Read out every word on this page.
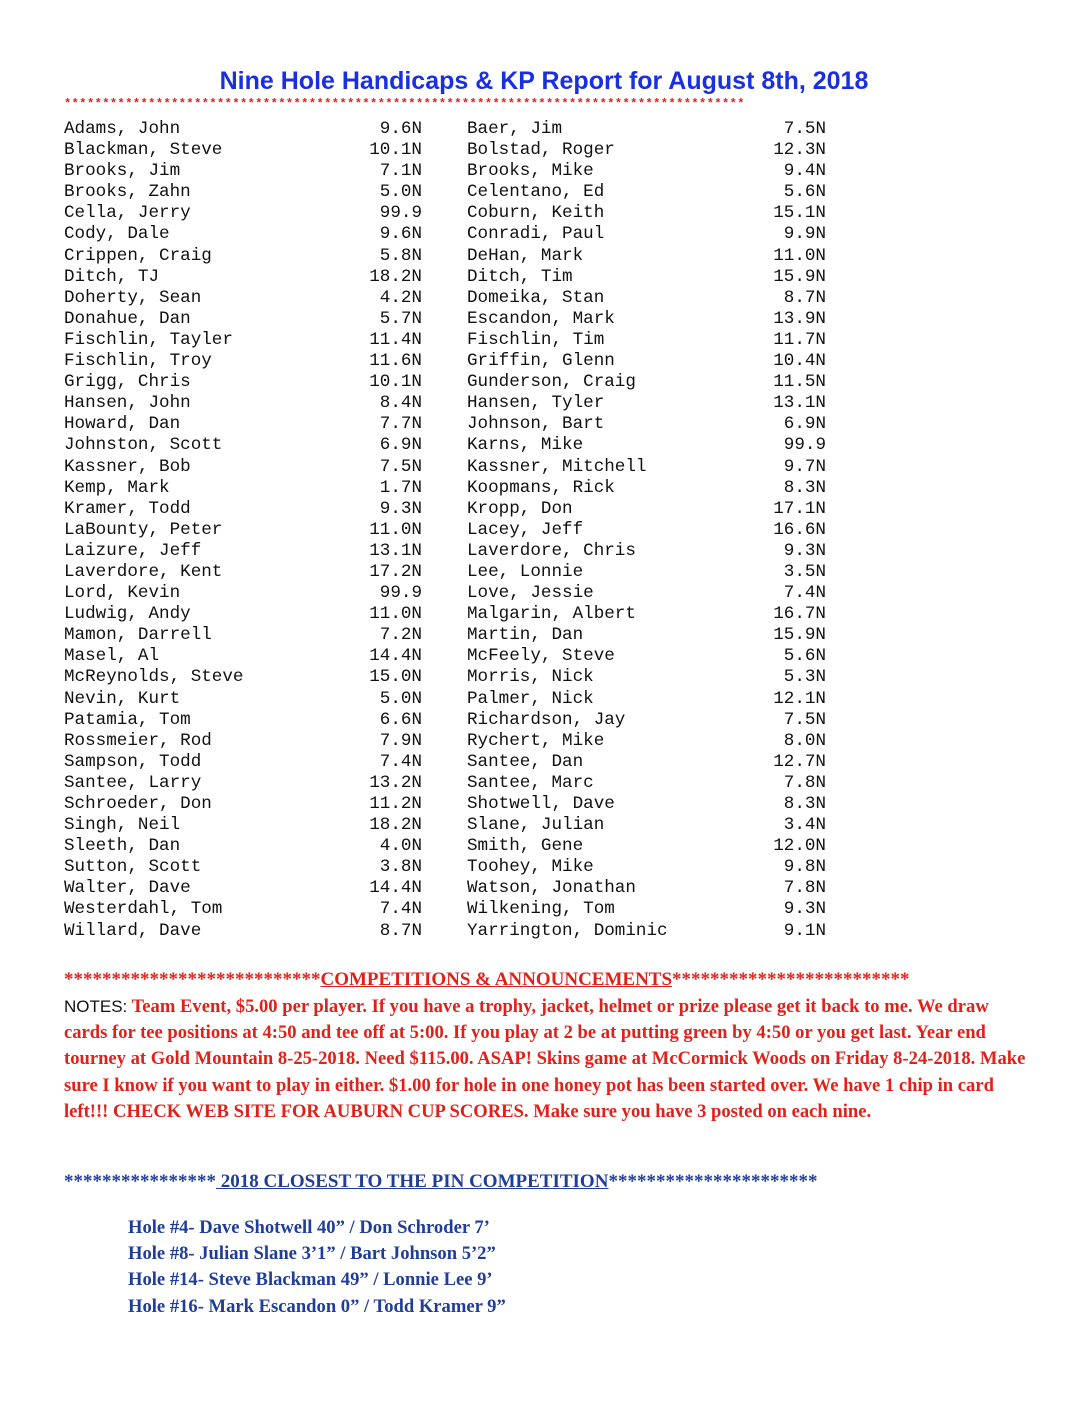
Nine Hole Handicaps & KP Report for August 8th, 2018
*****************************************************************************************
Adams, John	9.6N	Baer, Jim	7.5N
Blackman, Steve	10.1N	Bolstad, Roger	12.3N
Brooks, Jim	7.1N	Brooks, Mike	9.4N
Brooks, Zahn	5.0N	Celentano, Ed	5.6N
Cella, Jerry	99.9	Coburn, Keith	15.1N
Cody, Dale	9.6N	Conradi, Paul	9.9N
Crippen, Craig	5.8N	DeHan, Mark	11.0N
Ditch, TJ	18.2N	Ditch, Tim	15.9N
Doherty, Sean	4.2N	Domeika, Stan	8.7N
Donahue, Dan	5.7N	Escandon, Mark	13.9N
Fischlin, Tayler	11.4N	Fischlin, Tim	11.7N
Fischlin, Troy	11.6N	Griffin, Glenn	10.4N
Grigg, Chris	10.1N	Gunderson, Craig	11.5N
Hansen, John	8.4N	Hansen, Tyler	13.1N
Howard, Dan	7.7N	Johnson, Bart	6.9N
Johnston, Scott	6.9N	Karns, Mike	99.9
Kassner, Bob	7.5N	Kassner, Mitchell	9.7N
Kemp, Mark	1.7N	Koopmans, Rick	8.3N
Kramer, Todd	9.3N	Kropp, Don	17.1N
LaBounty, Peter	11.0N	Lacey, Jeff	16.6N
Laizure, Jeff	13.1N	Laverdore, Chris	9.3N
Laverdore, Kent	17.2N	Lee, Lonnie	3.5N
Lord, Kevin	99.9	Love, Jessie	7.4N
Ludwig, Andy	11.0N	Malgarin, Albert	16.7N
Mamon, Darrell	7.2N	Martin, Dan	15.9N
Masel, Al	14.4N	McFeely, Steve	5.6N
McReynolds, Steve	15.0N	Morris, Nick	5.3N
Nevin, Kurt	5.0N	Palmer, Nick	12.1N
Patamia, Tom	6.6N	Richardson, Jay	7.5N
Rossmeier, Rod	7.9N	Rychert, Mike	8.0N
Sampson, Todd	7.4N	Santee, Dan	12.7N
Santee, Larry	13.2N	Santee, Marc	7.8N
Schroeder, Don	11.2N	Shotwell, Dave	8.3N
Singh, Neil	18.2N	Slane, Julian	3.4N
Sleeth, Dan	4.0N	Smith, Gene	12.0N
Sutton, Scott	3.8N	Toohey, Mike	9.8N
Walter, Dave	14.4N	Watson, Jonathan	7.8N
Westerdahl, Tom	7.4N	Wilkening, Tom	9.3N
Willard, Dave	8.7N	Yarrington, Dominic	9.1N
***************************COMPETITIONS & ANNOUNCEMENTS*************************
NOTES: Team Event, $5.00 per player. If you have a trophy, jacket, helmet or prize please get it back to me. We draw cards for tee positions at 4:50 and tee off at 5:00. If you play at 2 be at putting green by 4:50 or you get last. Year end tourney at Gold Mountain 8-25-2018. Need $115.00. ASAP! Skins game at McCormick Woods on Friday 8-24-2018. Make sure I know if you want to play in either. $1.00 for hole in one honey pot has been started over. We have 1 chip in card left!!! CHECK WEB SITE FOR AUBURN CUP SCORES. Make sure you have 3 posted on each nine.
**************** 2018 CLOSEST TO THE PIN COMPETITION**********************
Hole #4- Dave Shotwell 40” / Don Schroder 7’
Hole #8- Julian Slane 3’1” / Bart Johnson 5’2”
Hole #14- Steve Blackman 49” / Lonnie Lee 9’
Hole #16- Mark Escandon 0” / Todd Kramer 9”
